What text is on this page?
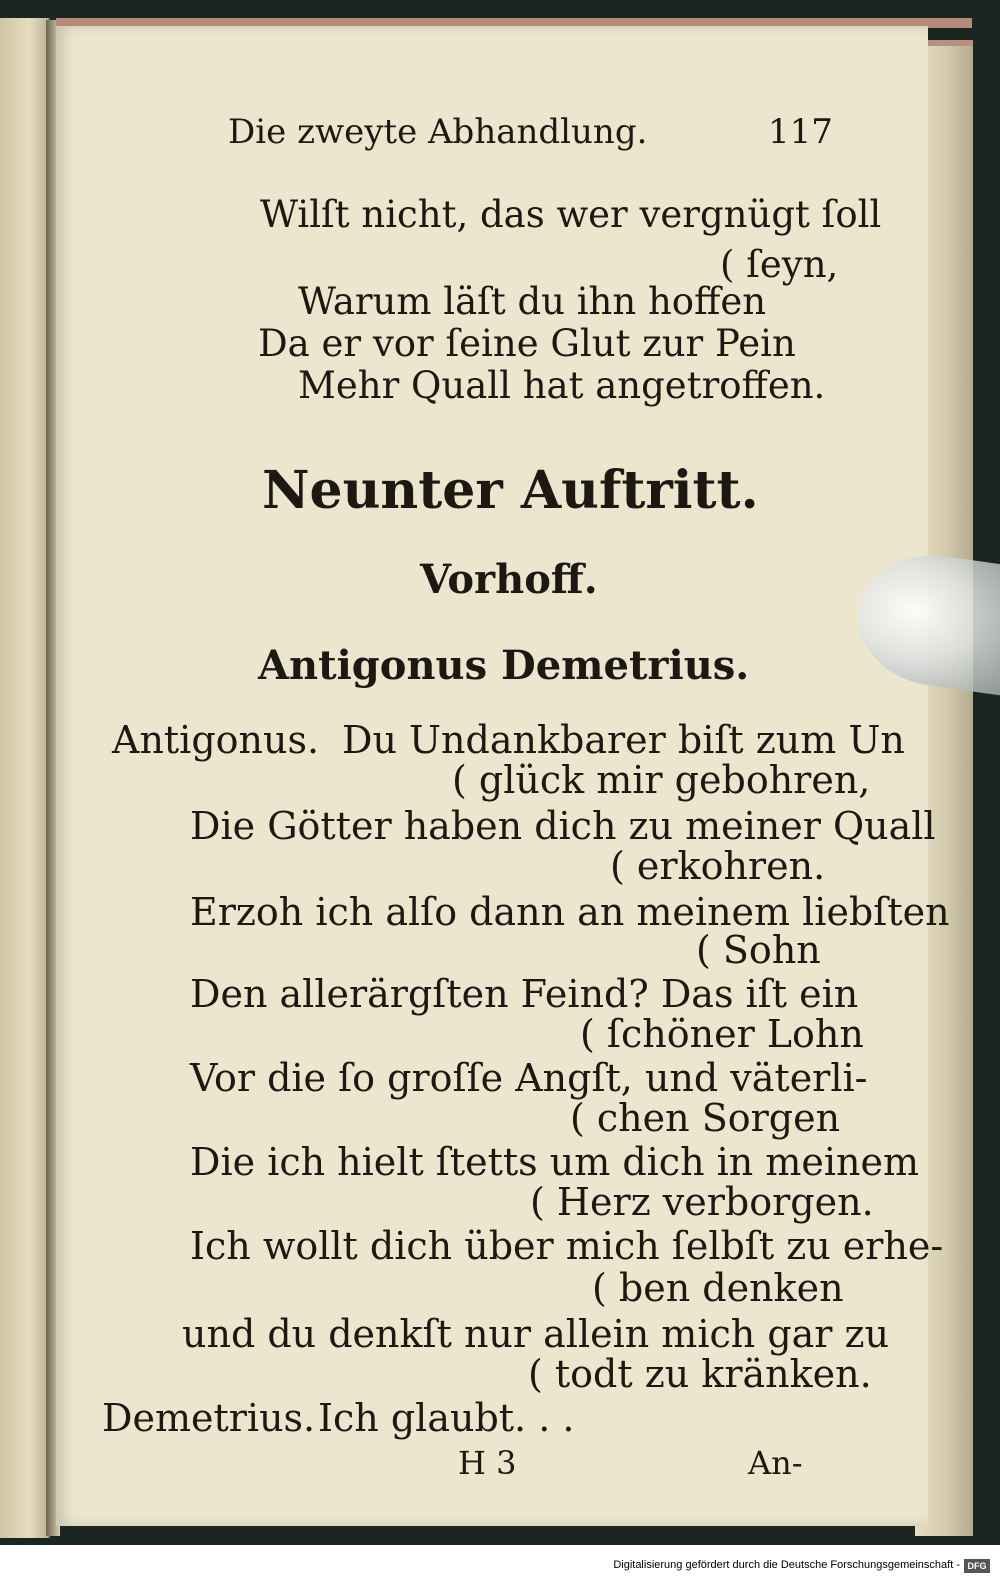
Die zweyte Abhandlung.	117
Wilſt nicht, das wer vergnügt ſoll
( ſeyn,
Warum läſt du ihn hoffen
Da er vor ſeine Glut zur Pein
Mehr Quall hat angetroffen.
Neunter Auftritt.
Vorhoff.
Antigonus Demetrius.
Antigonus. Du Undankbarer biſt zum Un
( glück mir gebohren,
Die Götter haben dich zu meiner Quall
( erkohren.
Erzoh ich alſo dann an meinem liebſten
( Sohn
Den allerärgſten Feind? Das iſt ein
( ſchöner Lohn
Vor die ſo groſſe Angſt, und väterli-
( chen Sorgen
Die ich hielt ſtetts um dich in meinem
( Herz verborgen.
Ich wollt dich über mich ſelbſt zu erhe-
( ben denken
und du denkſt nur allein mich gar zu
( todt zu kränken.
Demetrius. Ich glaubt. . .
H 3	An-
Digitalisierung gefördert durch die Deutsche Forschungsgemeinschaft - DFG
